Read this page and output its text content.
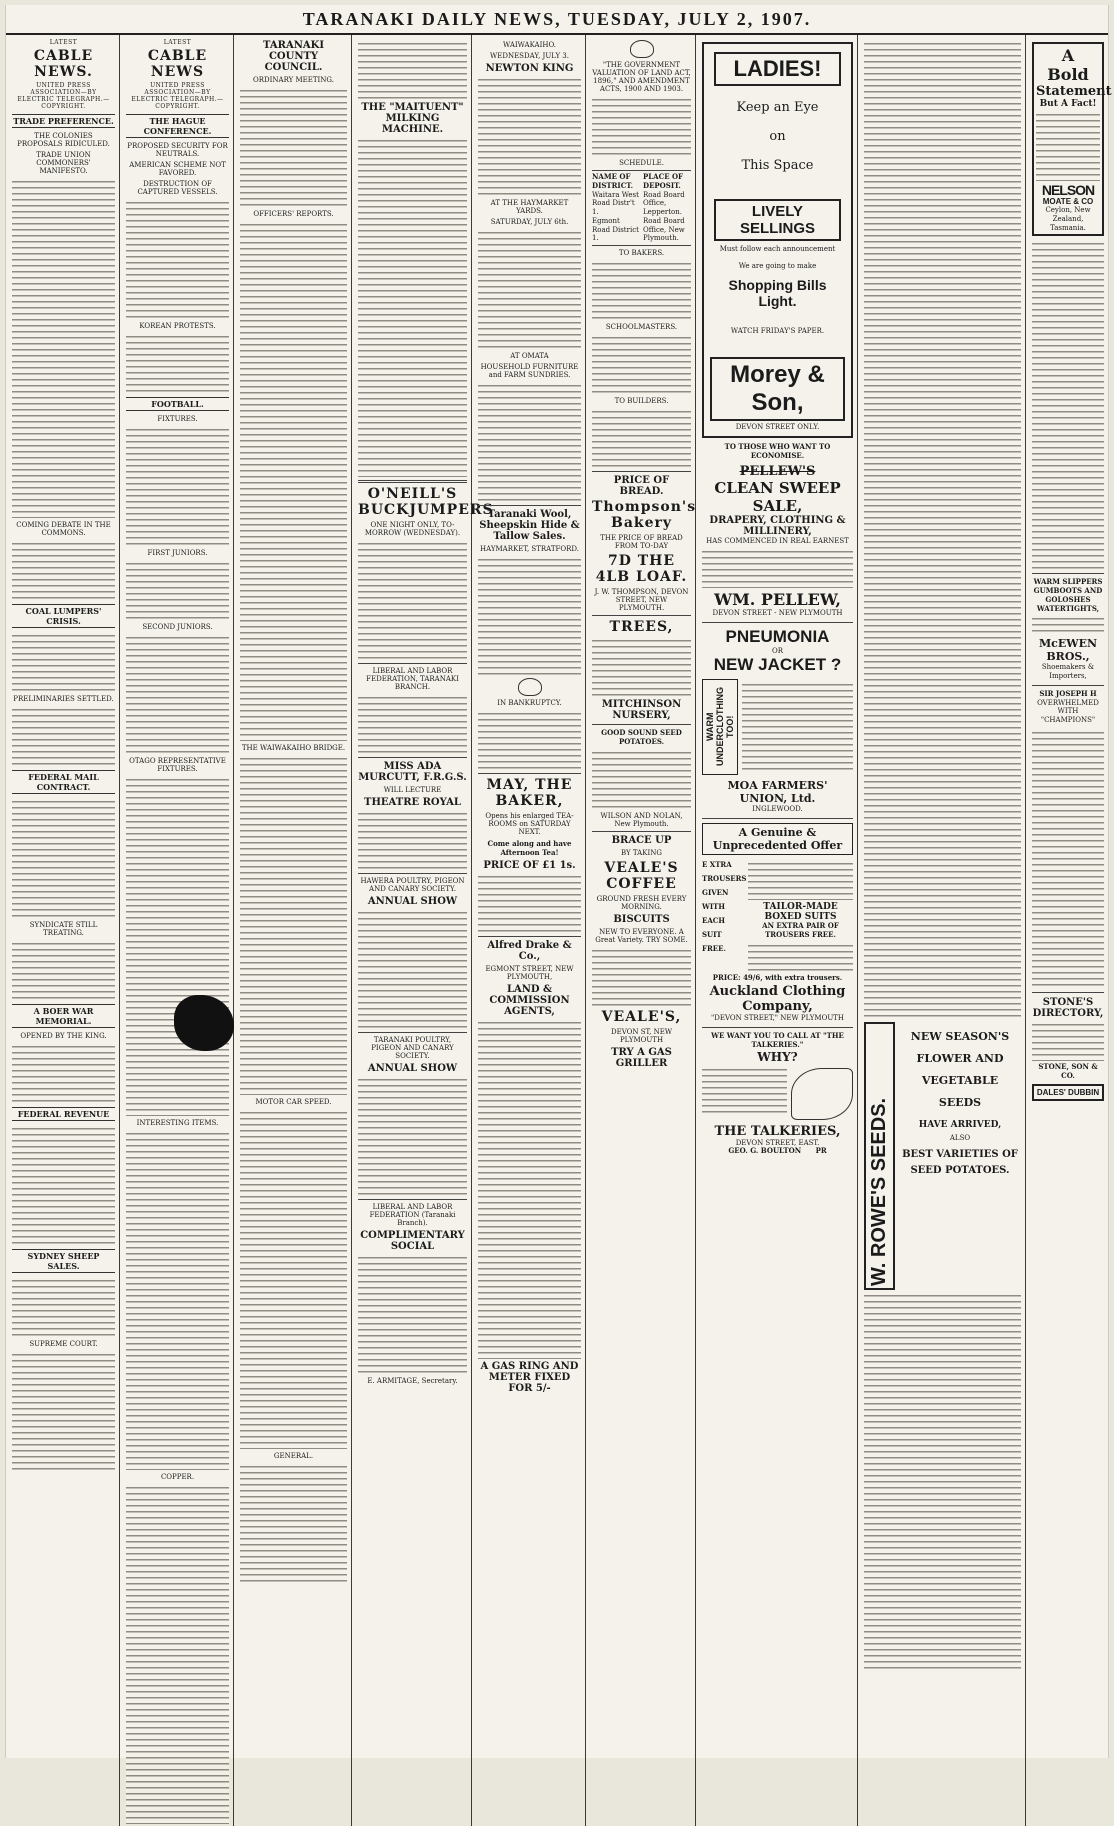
TARANAKI DAILY NEWS, TUESDAY, JULY 2, 1907.
LATEST
CABLE NEWS.
UNITED PRESS ASSOCIATION—BY ELECTRIC TELEGRAPH.—COPYRIGHT.
TRADE PREFERENCE.
THE COLONIES PROPOSALS RIDICULED.
TRADE UNION COMMONERS' MANIFESTO.
COMING DEBATE IN THE COMMONS.
COAL LUMPERS' CRISIS.
PRELIMINARIES SETTLED.
FEDERAL MAIL CONTRACT.
SYNDICATE STILL TREATING.
A BOER WAR MEMORIAL.
OPENED BY THE KING.
FEDERAL REVENUE
SYDNEY SHEEP SALES.
SUPREME COURT.
LATEST
CABLE NEWS
UNITED PRESS ASSOCIATION—BY ELECTRIC TELEGRAPH.—COPYRIGHT.
THE HAGUE CONFERENCE.
PROPOSED SECURITY FOR NEUTRALS.
AMERICAN SCHEME NOT FAVORED.
DESTRUCTION OF CAPTURED VESSELS.
KOREAN PROTESTS.
FOOTBALL.
FIXTURES.
FIRST JUNIORS.
SECOND JUNIORS.
OTAGO REPRESENTATIVE FIXTURES.
INTERESTING ITEMS.
COPPER.
TARANAKI COUNTY COUNCIL.
ORDINARY MEETING.
OFFICERS' REPORTS.
THE WAIWAKAIHO BRIDGE.
MOTOR CAR SPEED.
GENERAL.
THE "MAITUENT" MILKING MACHINE.
O'NEILL'S BUCKJUMPERS
ONE NIGHT ONLY, TO-MORROW (WEDNESDAY).
LIBERAL AND LABOR FEDERATION, TARANAKI BRANCH.
MISS ADA MURCUTT, F.R.G.S.
WILL LECTURE
THEATRE ROYAL
HAWERA POULTRY, PIGEON AND CANARY SOCIETY.
ANNUAL SHOW
TARANAKI POULTRY, PIGEON AND CANARY SOCIETY.
ANNUAL SHOW
LIBERAL AND LABOR FEDERATION (Taranaki Branch).
COMPLIMENTARY SOCIAL
E. ARMITAGE, Secretary.
WAIWAKAIHO.
WEDNESDAY, JULY 3.
NEWTON KING
AT THE HAYMARKET YARDS.
SATURDAY, JULY 6th.
AT OMATA
HOUSEHOLD FURNITURE and FARM SUNDRIES.
Taranaki Wool, Sheepskin Hide & Tallow Sales.
HAYMARKET, STRATFORD.
IN BANKRUPTCY.
MAY, THE BAKER,
Opens his enlarged TEA-ROOMS on SATURDAY NEXT.
Come along and have Afternoon Tea!
PRICE OF £1 1s.
Alfred Drake & Co.,
EGMONT STREET, NEW PLYMOUTH,
LAND & COMMISSION AGENTS,
A GAS RING AND METER FIXED FOR 5/-
"THE GOVERNMENT VALUATION OF LAND ACT, 1896," AND AMENDMENT ACTS, 1900 AND 1903.
SCHEDULE.
NAME OF DISTRICT.
PLACE OF DEPOSIT.
Waitara West Road Distr't 1.
Road Board Office, Lepperton.
Egmont Road District 1.
Road Board Office, New Plymouth.
TO BAKERS.
SCHOOLMASTERS.
TO BUILDERS.
PRICE OF BREAD.
Thompson's Bakery
THE PRICE OF BREAD FROM TO-DAY
7D THE 4LB LOAF.
J. W. THOMPSON, DEVON STREET, NEW PLYMOUTH.
TREES,
MITCHINSON NURSERY,
GOOD SOUND SEED POTATOES.
WILSON AND NOLAN, New Plymouth.
BRACE UP
BY TAKING
VEALE'S COFFEE
GROUND FRESH EVERY MORNING.
BISCUITS
NEW TO EVERYONE. A Great Variety. TRY SOME.
VEALE'S,
DEVON ST, NEW PLYMOUTH
TRY A GAS GRILLER
LADIES!
Keep an Eye
on
This Space
LIVELY SELLINGS
Must follow each announcement
We are going to make
Shopping Bills Light.
WATCH FRIDAY'S PAPER.
Morey & Son,
DEVON STREET ONLY.
TO THOSE WHO WANT TO ECONOMISE.
PELLEW'S
CLEAN SWEEP SALE,
DRAPERY, CLOTHING & MILLINERY,
HAS COMMENCED IN REAL EARNEST
WM. PELLEW,
DEVON STREET - NEW PLYMOUTH
PNEUMONIA
OR
NEW JACKET ?
WARM UNDERCLOTHING TOO!
MOA FARMERS' UNION, Ltd.
INGLEWOOD.
A Genuine & Unprecedented Offer
E XTRA TROUSERS GIVEN WITH EACH SUIT FREE.
TAILOR-MADE BOXED SUITS
AN EXTRA PAIR OF TROUSERS FREE.
PRICE: 49/6, with extra trousers.
Auckland Clothing Company,
"DEVON STREET," NEW PLYMOUTH
WE WANT YOU TO CALL AT "THE TALKERIES."
WHY?
THE TALKERIES,
DEVON STREET, EAST.
GEO. G. BOULTON PR	W. ROWE'S SEEDS.
NEW SEASON'S FLOWER AND VEGETABLE SEEDS
HAVE ARRIVED,
ALSO
BEST VARIETIES OF SEED POTATOES.
A
Bold
Statement
But A Fact!
NELSON
MOATE & CO
Ceylon, New Zealand, Tasmania.
WARM SLIPPERS
GUMBOOTS AND GOLOSHES
WATERTIGHTS,
McEWEN BROS.,
Shoemakers & Importers,
SIR JOSEPH H
OVERWHELMED WITH "CHAMPIONS"
STONE'S
DIRECTORY,
STONE, SON & CO.
DALES' DUBBIN
